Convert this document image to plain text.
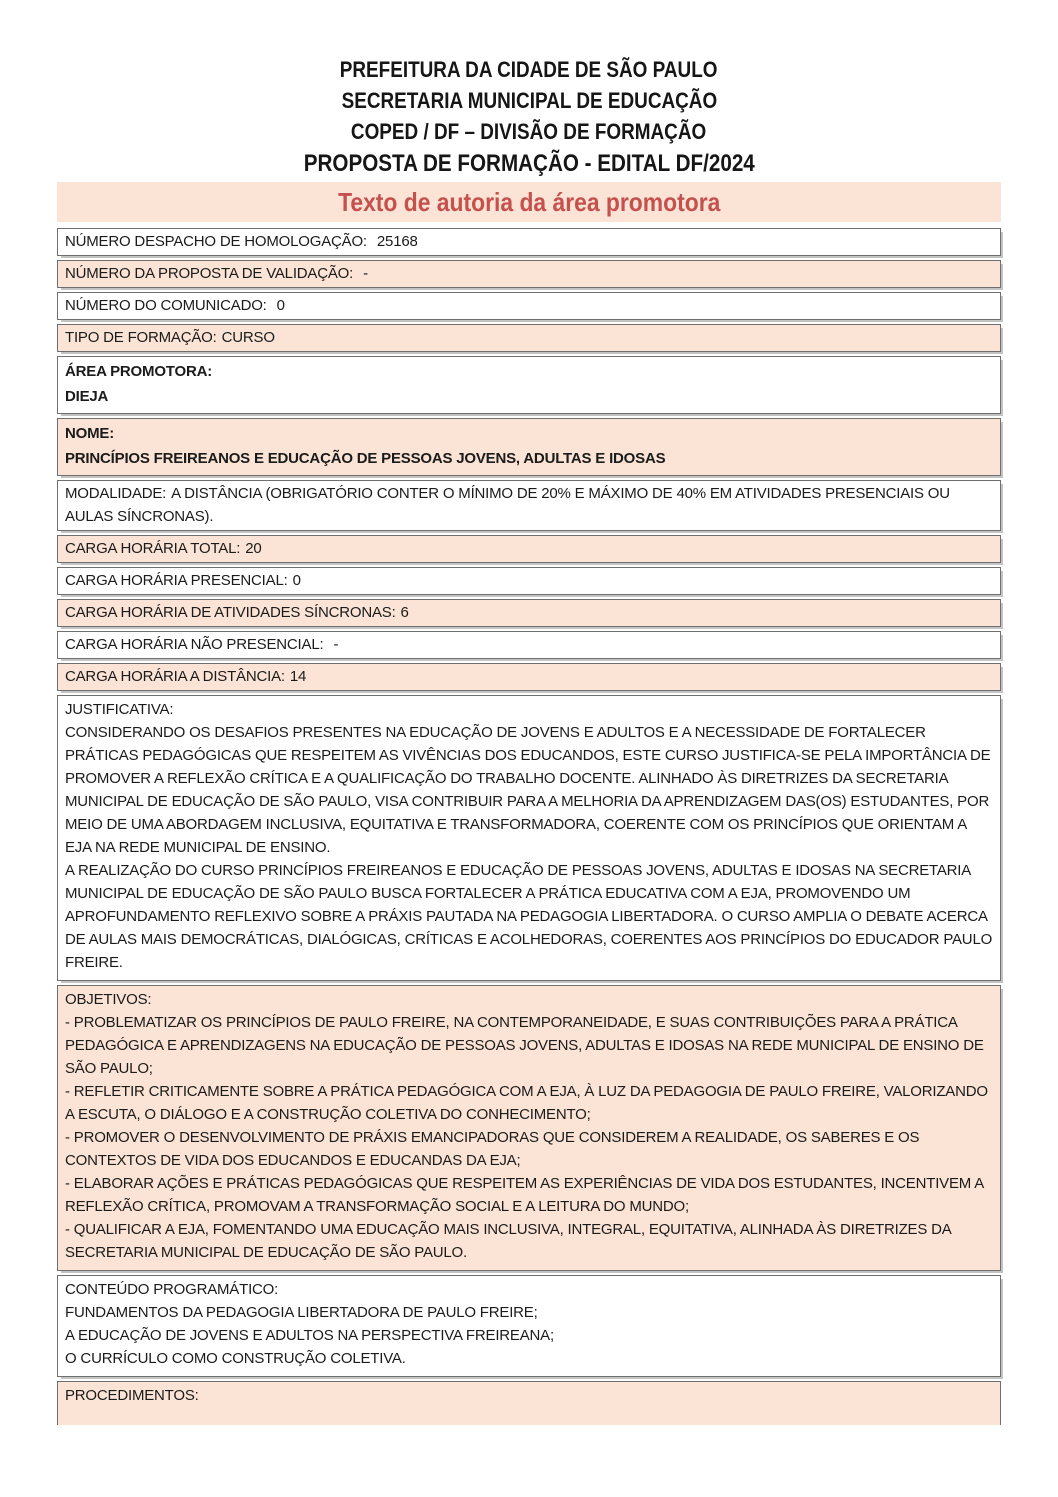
PREFEITURA DA CIDADE DE SÃO PAULO
SECRETARIA MUNICIPAL DE EDUCAÇÃO
COPED / DF – DIVISÃO DE FORMAÇÃO
PROPOSTA DE FORMAÇÃO - EDITAL DF/2024
Texto de autoria da área promotora
NÚMERO DESPACHO DE HOMOLOGAÇÃO: 25168
NÚMERO DA PROPOSTA DE VALIDAÇÃO: -
NÚMERO DO COMUNICADO: 0
TIPO DE FORMAÇÃO: CURSO
ÁREA PROMOTORA:
DIEJA
NOME:
PRINCÍPIOS FREIREANOS E EDUCAÇÃO DE PESSOAS JOVENS, ADULTAS E IDOSAS
MODALIDADE: A DISTÂNCIA (OBRIGATÓRIO CONTER O MÍNIMO DE 20% E MÁXIMO DE 40% EM ATIVIDADES PRESENCIAIS OU AULAS SÍNCRONAS).
CARGA HORÁRIA TOTAL: 20
CARGA HORÁRIA PRESENCIAL: 0
CARGA HORÁRIA DE ATIVIDADES SÍNCRONAS: 6
CARGA HORÁRIA NÃO PRESENCIAL: -
CARGA HORÁRIA A DISTÂNCIA: 14

JUSTIFICATIVA:

CONSIDERANDO OS DESAFIOS PRESENTES NA EDUCAÇÃO DE JOVENS E ADULTOS E A NECESSIDADE DE FORTALECER PRÁTICAS PEDAGÓGICAS QUE RESPEITEM AS VIVÊNCIAS DOS EDUCANDOS, ESTE CURSO JUSTIFICA-SE PELA IMPORTÂNCIA DE PROMOVER A REFLEXÃO CRÍTICA E A QUALIFICAÇÃO DO TRABALHO DOCENTE. ALINHADO ÀS DIRETRIZES DA SECRETARIA MUNICIPAL DE EDUCAÇÃO DE SÃO PAULO, VISA CONTRIBUIR PARA A MELHORIA DA APRENDIZAGEM DAS(OS) ESTUDANTES, POR MEIO DE UMA ABORDAGEM INCLUSIVA, EQUITATIVA E TRANSFORMADORA, COERENTE COM OS PRINCÍPIOS QUE ORIENTAM A EJA NA REDE MUNICIPAL DE ENSINO.

A REALIZAÇÃO DO CURSO PRINCÍPIOS FREIREANOS E EDUCAÇÃO DE PESSOAS JOVENS, ADULTAS E IDOSAS NA SECRETARIA MUNICIPAL DE EDUCAÇÃO DE SÃO PAULO BUSCA FORTALECER A PRÁTICA EDUCATIVA COM A EJA, PROMOVENDO UM APROFUNDAMENTO REFLEXIVO SOBRE A PRÁXIS PAUTADA NA PEDAGOGIA LIBERTADORA. O CURSO AMPLIA O DEBATE ACERCA DE AULAS MAIS DEMOCRÁTICAS, DIALÓGICAS, CRÍTICAS E ACOLHEDORAS, COERENTES AOS PRINCÍPIOS DO EDUCADOR PAULO FREIRE.

OBJETIVOS:

- PROBLEMATIZAR OS PRINCÍPIOS DE PAULO FREIRE, NA CONTEMPORANEIDADE, E SUAS CONTRIBUIÇÕES PARA A PRÁTICA PEDAGÓGICA E APRENDIZAGENS NA EDUCAÇÃO DE PESSOAS JOVENS, ADULTAS E IDOSAS NA REDE MUNICIPAL DE ENSINO DE SÃO PAULO;

- REFLETIR CRITICAMENTE SOBRE A PRÁTICA PEDAGÓGICA COM A EJA, À LUZ DA PEDAGOGIA DE PAULO FREIRE, VALORIZANDO A ESCUTA, O DIÁLOGO E A CONSTRUÇÃO COLETIVA DO CONHECIMENTO;

- PROMOVER O DESENVOLVIMENTO DE PRÁXIS EMANCIPADORAS QUE CONSIDEREM A REALIDADE, OS SABERES E OS CONTEXTOS DE VIDA DOS EDUCANDOS E EDUCANDAS DA EJA;

- ELABORAR AÇÕES E PRÁTICAS PEDAGÓGICAS QUE RESPEITEM AS EXPERIÊNCIAS DE VIDA DOS ESTUDANTES, INCENTIVEM A REFLEXÃO CRÍTICA, PROMOVAM A TRANSFORMAÇÃO SOCIAL E A LEITURA DO MUNDO;

- QUALIFICAR A EJA, FOMENTANDO UMA EDUCAÇÃO MAIS INCLUSIVA, INTEGRAL, EQUITATIVA, ALINHADA ÀS DIRETRIZES DA SECRETARIA MUNICIPAL DE EDUCAÇÃO DE SÃO PAULO.

CONTEÚDO PROGRAMÁTICO:

FUNDAMENTOS DA PEDAGOGIA LIBERTADORA DE PAULO FREIRE;

A EDUCAÇÃO DE JOVENS E ADULTOS NA PERSPECTIVA FREIREANA;

O CURRÍCULO COMO CONSTRUÇÃO COLETIVA.

PROCEDIMENTOS:
